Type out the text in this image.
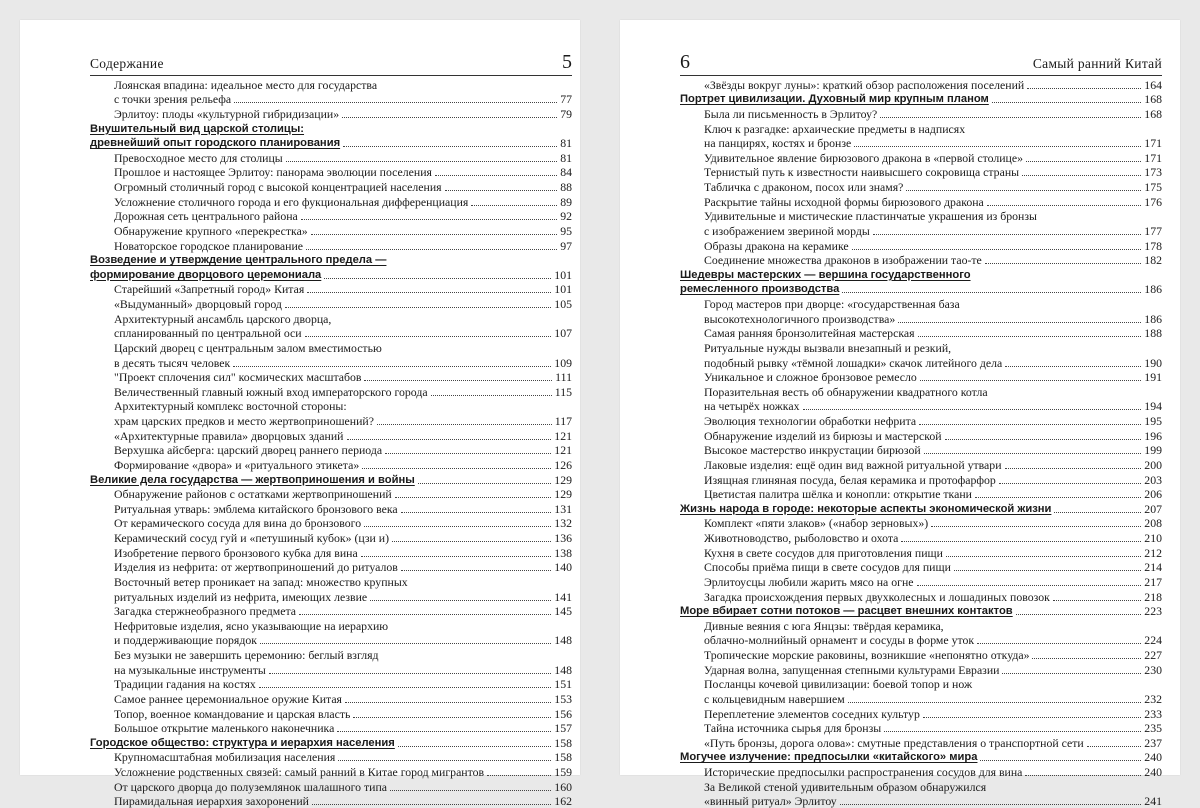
Содержание	5
Лоянская впадина: идеальное место для государства
с точки зрения рельефа	77
Эрлитоу: плоды «культурной гибридизации»	79
Внушительный вид царской столицы:
древнейший опыт городского планирования	81
Превосходное место для столицы	81
Прошлое и настоящее Эрлитоу: панорама эволюции поселения	84
Огромный столичный город с высокой концентрацией населения	88
Усложнение столичного города и его фукциональная дифференциация	89
Дорожная сеть центрального района	92
Обнаружение крупного «перекрестка»	95
Новаторское городское планирование	97
Возведение и утверждение центрального предела —
формирование дворцового церемониала	101
Старейший «Запретный город» Китая	101
«Выдуманный» дворцовый город	105
Архитектурный ансамбль царского дворца,
спланированный по центральной оси	107
Царский дворец с центральным залом вместимостью
в десять тысяч человек	109
"Проект сплочения сил" космических масштабов	111
Величественный главный южный вход императорского города	115
Архитектурный комплекс восточной стороны:
храм царских предков и место жертвоприношений?	117
«Архитектурные правила» дворцовых зданий	121
Верхушка айсберга: царский дворец раннего периода	121
Формирование «двора» и «ритуального этикета»	126
Великие дела государства — жертвоприношения и войны	129
Обнаружение районов с остатками жертвоприношений	129
Ритуальная утварь: эмблема китайского бронзового века	131
От керамического сосуда для вина до бронзового	132
Керамический сосуд гуй и «петушиный кубок» (цзи и)	136
Изобретение первого бронзового кубка для вина	138
Изделия из нефрита: от жертвоприношений до ритуалов	140
Восточный ветер проникает на запад: множество крупных
ритуальных изделий из нефрита, имеющих лезвие	141
Загадка стержнеобразного предмета	145
Нефритовые изделия, ясно указывающие на иерархию
и поддерживающие порядок	148
Без музыки не завершить церемонию: беглый взгляд
на музыкальные инструменты	148
Традиции гадания на костях	151
Самое раннее церемониальное оружие Китая	153
Топор, военное командование и царская власть	156
Большое открытие маленького наконечника	157
Городское общество: структура и иерархия населения	158
Крупномасштабная мобилизация населения	158
Усложнение родственных связей: самый ранний в Китае город мигрантов	159
От царского дворца до полуземлянок шалашного типа	160
Пирамидальная иерархия захоронений	162
6	Самый ранний Китай
«Звёзды вокруг луны»: краткий обзор расположения поселений	164
Портрет цивилизации. Духовный мир крупным планом	168
Была ли письменность в Эрлитоу?	168
Ключ к разгадке: архаические предметы в надписях
на панцирях, костях и бронзе	171
Удивительное явление бирюзового дракона в «первой столице»	171
Тернистый путь к известности наивысшего сокровища страны	173
Табличка с драконом, посох или знамя?	175
Раскрытие тайны исходной формы бирюзового дракона	176
Удивительные и мистические пластинчатые украшения из бронзы
с изображением звериной морды	177
Образы дракона на керамике	178
Соединение множества драконов в изображении тао-те	182
Шедевры мастерских — вершина государственного
ремесленного производства	186
Город мастеров при дворце: «государственная база
высокотехнологичного производства»	186
Самая ранняя бронзолитейная мастерская	188
Ритуальные нужды вызвали внезапный и резкий,
подобный рывку «тёмной лошадки» скачок литейного дела	190
Уникальное и сложное бронзовое ремесло	191
Поразительная весть об обнаружении квадратного котла
на четырёх ножках	194
Эволюция технологии обработки нефрита	195
Обнаружение изделий из бирюзы и мастерской	196
Высокое мастерство инкрустации бирюзой	199
Лаковые изделия: ещё один вид важной ритуальной утвари	200
Изящная глиняная посуда, белая керамика и протофарфор	203
Цветистая палитра шёлка и конопли: открытие ткани	206
Жизнь народа в городе: некоторые аспекты экономической жизни	207
Комплект «пяти злаков» («набор зерновых»)	208
Животноводство, рыболовство и охота	210
Кухня в свете сосудов для приготовления пищи	212
Способы приёма пищи в свете сосудов для пищи	214
Эрлитоусцы любили жарить мясо на огне	217
Загадка происхождения первых двухколесных и лошадиных повозок	218
Море вбирает сотни потоков — расцвет внешних контактов	223
Дивные веяния с юга Янцзы: твёрдая керамика,
облачно-молнийный орнамент и сосуды в форме уток	224
Тропические морские раковины, возникшие «непонятно откуда»	227
Ударная волна, запущенная степными культурами Евразии	230
Посланцы кочевой цивилизации: боевой топор и нож
с кольцевидным навершием	232
Переплетение элементов соседних культур	233
Тайна источника сырья для бронзы	235
«Путь бронзы, дорога олова»: смутные представления о транспортной сети	237
Могучее излучение: предпосылки «китайского» мира	240
Исторические предпосылки распространения сосудов для вина	240
За Великой стеной удивительным образом обнаружился
«винный ритуал» Эрлитоу	241
